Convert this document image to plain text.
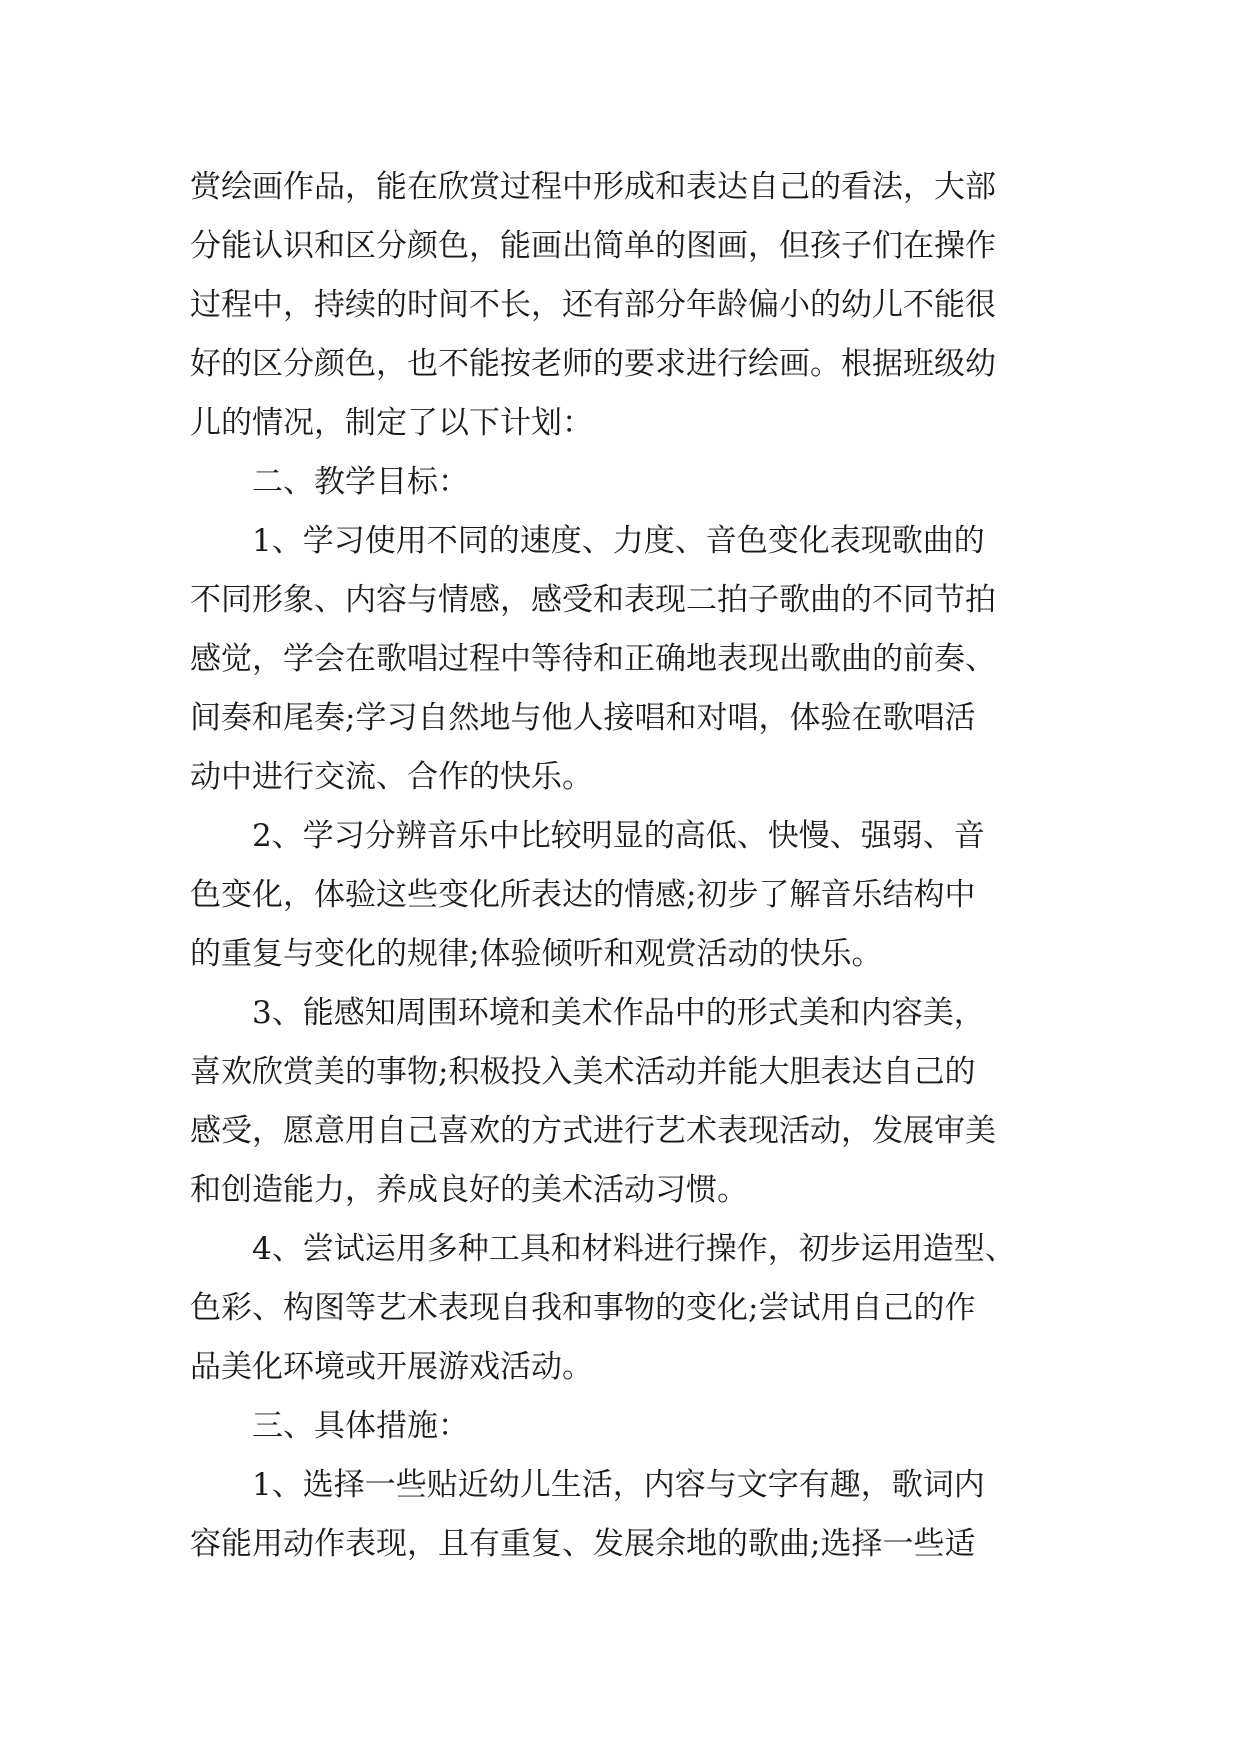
赏绘画作品，能在欣赏过程中形成和表达自己的看法，大部
分能认识和区分颜色，能画出简单的图画，但孩子们在操作
过程中，持续的时间不长，还有部分年龄偏小的幼儿不能很
好的区分颜色，也不能按老师的要求进行绘画。根据班级幼
儿的情况，制定了以下计划：
二、教学目标：
1、学习使用不同的速度、力度、音色变化表现歌曲的
不同形象、内容与情感，感受和表现二拍子歌曲的不同节拍
感觉，学会在歌唱过程中等待和正确地表现出歌曲的前奏、
间奏和尾奏;学习自然地与他人接唱和对唱，体验在歌唱活
动中进行交流、合作的快乐。
2、学习分辨音乐中比较明显的高低、快慢、强弱、音
色变化，体验这些变化所表达的情感;初步了解音乐结构中
的重复与变化的规律;体验倾听和观赏活动的快乐。
3、能感知周围环境和美术作品中的形式美和内容美，
喜欢欣赏美的事物;积极投入美术活动并能大胆表达自己的
感受，愿意用自己喜欢的方式进行艺术表现活动，发展审美
和创造能力，养成良好的美术活动习惯。
4、尝试运用多种工具和材料进行操作，初步运用造型、
色彩、构图等艺术表现自我和事物的变化;尝试用自己的作
品美化环境或开展游戏活动。
三、具体措施：
1、选择一些贴近幼儿生活，内容与文字有趣，歌词内
容能用动作表现，且有重复、发展余地的歌曲;选择一些适
